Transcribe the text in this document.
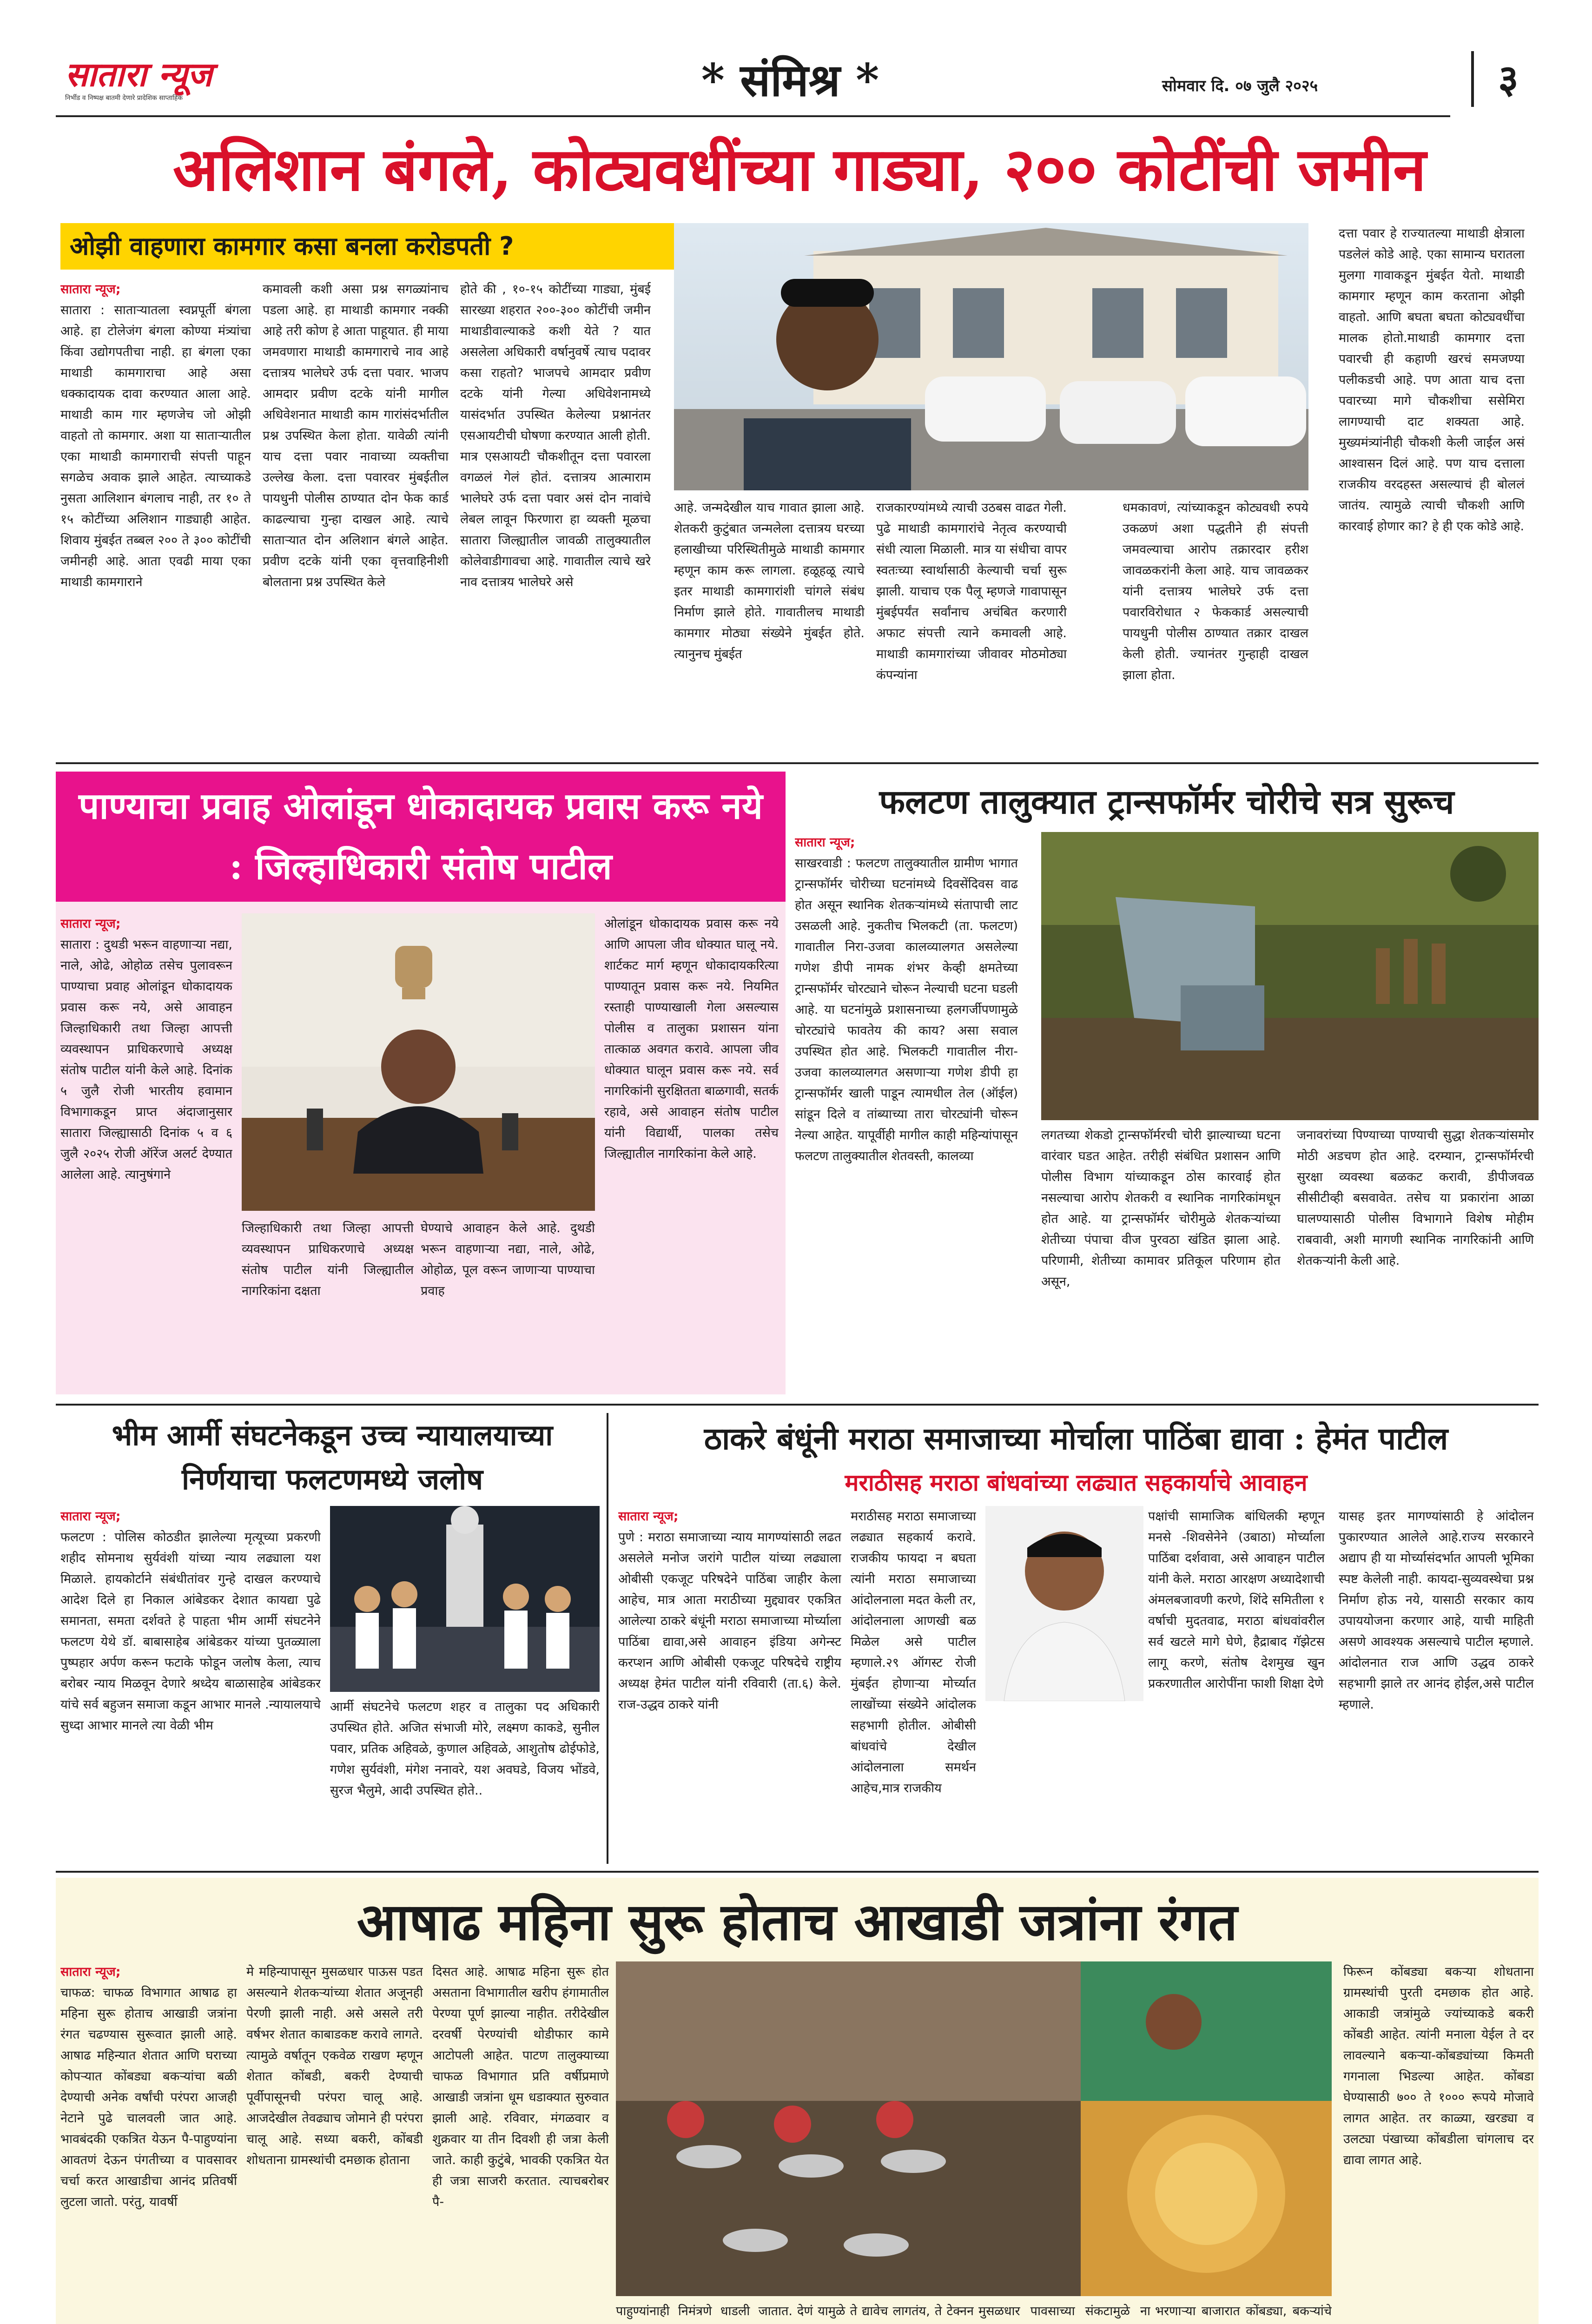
सातारा न्यूज
निर्भीड व निष्पक्ष बातमी देणारे प्रादेशिक साप्ताहिक	* संमिश्र *	सोमवार दि. ०७ जुलै २०२५	३
अलिशान बंगले, कोट्यवधींच्या गाड्या, २०० कोटींची जमीन
ओझी वाहणारा कामगार कसा बनला करोडपती ?
सातारा न्यूज;
सातारा : साताऱ्यातला स्वप्नपूर्ती बंगला आहे. हा टोलेजंग बंगला कोण्या मंत्र्यांचा किंवा उद्योगपतीचा नाही. हा बंगला एका माथाडी कामगाराचा आहे असा धक्कादायक दावा करण्यात आला आहे. माथाडी काम गार म्हणजेच जो ओझी वाहतो तो कामगार. अशा या साताऱ्यातील एका माथाडी कामगाराची संपत्ती पाहून सगळेच अवाक झाले आहेत. त्याच्याकडे नुसता आलिशान बंगलाच नाही, तर १० ते १५ कोटींच्या अलिशान गाड्याही आहेत. शिवाय मुंबईत तब्बल २०० ते ३०० कोटींची जमीनही आहे. आता एवढी माया एका माथाडी कामगाराने
कमावली कशी असा प्रश्न सगळ्यांनाच पडला आहे. हा माथाडी कामगार नक्की आहे तरी कोण हे आता पाहूयात. ही माया जमवणारा माथाडी कामगाराचे नाव आहे दत्तात्रय भालेघरे उर्फ दत्ता पवार. भाजप आमदार प्रवीण दटके यांनी मागील अधिवेशनात माथाडी काम गारांसंदर्भातील प्रश्न उपस्थित केला होता. यावेळी त्यांनी याच दत्ता पवार नावाच्या व्यक्तीचा उल्लेख केला. दत्ता पवारवर मुंबईतील पायधुनी पोलीस ठाण्यात दोन फेक कार्ड काढल्याचा गुन्हा दाखल आहे. त्याचे साताऱ्यात दोन अलिशान बंगले आहेत. प्रवीण दटके यांनी एका वृत्तवाहिनीशी बोलताना प्रश्न उपस्थित केले
होते की , १०-१५ कोटींच्या गाड्या, मुंबई सारख्या शहरात २००-३०० कोटींची जमीन माथाडीवाल्याकडे कशी येते ? यात असलेला अधिकारी वर्षानुवर्षे त्याच पदावर कसा राहतो? भाजपचे आमदार प्रवीण दटके यांनी गेल्या अधिवेशनामध्ये यासंदर्भात उपस्थित केलेल्या प्रश्नानंतर एसआयटीची घोषणा करण्यात आली होती. मात्र एसआयटी चौकशीतून दत्ता पवारला वगळलं गेलं होतं. दत्तात्रय आत्माराम भालेघरे उर्फ दत्ता पवार असं दोन नावांचे लेबल लावून फिरणारा हा व्यक्ती मूळचा सातारा जिल्ह्यातील जावळी तालुक्यातील कोलेवाडीगावचा आहे. गावातील त्याचे खरे नाव दत्तात्रय भालेघरे असे
आहे. जन्मदेखील याच गावात झाला आहे. शेतकरी कुटुंबात जन्मलेला दत्तात्रय घरच्या हलाखीच्या परिस्थितीमुळे माथाडी कामगार म्हणून काम करू लागला. हळूहळू त्याचे इतर माथाडी कामगारांशी चांगले संबंध निर्माण झाले होते. गावातीलच माथाडी कामगार मोठ्या संख्येने मुंबईत होते. त्यानुनच मुंबईत
राजकारण्यांमध्ये त्याची उठबस वाढत गेली. पुढे माथाडी कामगारांचे नेतृत्व करण्याची संधी त्याला मिळाली. मात्र या संधीचा वापर स्वतःच्या स्वार्थासाठी केल्याची चर्चा सुरू झाली. याचाच एक पैलू म्हणजे गावापासून मुंबईपर्यंत सर्वांनाच अचंबित करणारी अफाट संपत्ती त्याने कमावली आहे. माथाडी कामगारांच्या जीवावर मोठमोठ्या कंपन्यांना
धमकावणं, त्यांच्याकडून कोट्यवधी रुपये उकळणं अशा पद्धतीने ही संपत्ती जमवल्याचा आरोप तक्रारदार हरीश जावळकरांनी केला आहे. याच जावळकर यांनी दत्तात्रय भालेघरे उर्फ दत्ता पवारविरोधात २ फेककार्ड असल्याची पायधुनी पोलीस ठाण्यात तक्रार दाखल केली होती. ज्यानंतर गुन्हाही दाखल झाला होता.
दत्ता पवार हे राज्यातल्या माथाडी क्षेत्राला पडलेलं कोडे आहे. एका सामान्य घरातला मुलगा गावाकडून मुंबईत येतो. माथाडी कामगार म्हणून काम करताना ओझी वाहतो. आणि बघता बघता कोट्यवधींचा मालक होतो.माथाडी कामगार दत्ता पवारची ही कहाणी खरचं समजण्या पलीकडची आहे. पण आता याच दत्ता पवारच्या मागे चौकशीचा ससेमिरा लागण्याची दाट शक्यता आहे. मुख्यमंत्र्यांनीही चौकशी केली जाईल असं आश्वासन दिलं आहे. पण याच दत्ताला राजकीय वरदहस्त असल्याचं ही बोललं जातंय. त्यामुळे त्याची चौकशी आणि कारवाई होणार का? हे ही एक कोडे आहे.
पाण्याचा प्रवाह ओलांडून धोकादायक प्रवास करू नये : जिल्हाधिकारी संतोष पाटील
सातारा न्यूज;
सातारा : दुथडी भरून वाहणाऱ्या नद्या, नाले, ओढे, ओहोळ तसेच पुलावरून पाण्याचा प्रवाह ओलांडून धोकादायक प्रवास करू नये, असे आवाहन जिल्हाधिकारी तथा जिल्हा आपत्ती व्यवस्थापन प्राधिकरणाचे अध्यक्ष संतोष पाटील यांनी केले आहे. दिनांक ५ जुलै रोजी भारतीय हवामान विभागाकडून प्राप्त अंदाजानुसार सातारा जिल्ह्यासाठी दिनांक ५ व ६ जुलै २०२५ रोजी ऑरेंज अलर्ट देण्यात आलेला आहे. त्यानुषंगाने
जिल्हाधिकारी तथा जिल्हा आपत्ती व्यवस्थापन प्राधिकरणाचे अध्यक्ष संतोष पाटील यांनी जिल्ह्यातील नागरिकांना दक्षता
घेण्याचे आवाहन केले आहे. दुथडी भरून वाहणाऱ्या नद्या, नाले, ओढे, ओहोळ, पूल वरून जाणाऱ्या पाण्याचा प्रवाह
ओलांडून धोकादायक प्रवास करू नये आणि आपला जीव धोक्यात घालू नये. शार्टकट मार्ग म्हणून धोकादायकरित्या पाण्यातून प्रवास करू नये. नियमित रस्ताही पाण्याखाली गेला असल्यास पोलीस व तालुका प्रशासन यांना तात्काळ अवगत करावे. आपला जीव धोक्यात घालून प्रवास करू नये. सर्व नागरिकांनी सुरक्षितता बाळगावी, सतर्क रहावे, असे आवाहन संतोष पाटील यांनी विद्यार्थी, पालका तसेच जिल्ह्यातील नागरिकांना केले आहे.
फलटण तालुक्यात ट्रान्सफॉर्मर चोरीचे सत्र सुरूच
सातारा न्यूज;
साखरवाडी : फलटण तालुक्यातील ग्रामीण भागात ट्रान्सफॉर्मर चोरीच्या घटनांमध्ये दिवसेंदिवस वाढ होत असून स्थानिक शेतकऱ्यांमध्ये संतापाची लाट उसळली आहे. नुकतीच भिलकटी (ता. फलटण) गावातील निरा-उजवा कालव्यालगत असलेल्या गणेश डीपी नामक शंभर केव्ही क्षमतेच्या ट्रान्सफॉर्मर चोरट्याने चोरून नेल्याची घटना घडली आहे. या घटनांमुळे प्रशासनाच्या हलगर्जीपणामुळे चोरट्यांचे फावतेय की काय? असा सवाल उपस्थित होत आहे. भिलकटी गावातील नीरा-उजवा कालव्यालगत असणाऱ्या गणेश डीपी हा ट्रान्सफॉर्मर खाली पाडून त्यामधील तेल (ऑईल) सांडून दिले व तांब्याच्या तारा चोरट्यांनी चोरून नेल्या आहेत. यापूर्वीही मागील काही महिन्यांपासून फलटण तालुक्यातील शेतवस्ती, कालव्या
लगतच्या शेकडो ट्रान्सफॉर्मरची चोरी झाल्याच्या घटना वारंवार घडत आहेत. तरीही संबंधित प्रशासन आणि पोलीस विभाग यांच्याकडून ठोस कारवाई होत नसल्याचा आरोप शेतकरी व स्थानिक नागरिकांमधून होत आहे. या ट्रान्सफॉर्मर चोरीमुळे शेतकऱ्यांच्या शेतीच्या पंपाचा वीज पुरवठा खंडित झाला आहे. परिणामी, शेतीच्या कामावर प्रतिकूल परिणाम होत असून,
जनावरांच्या पिण्याच्या पाण्याची सुद्धा शेतकऱ्यांसमोर मोठी अडचण होत आहे. दरम्यान, ट्रान्सफॉर्मरची सुरक्षा व्यवस्था बळकट करावी, डीपीजवळ सीसीटीव्ही बसवावेत. तसेच या प्रकारांना आळा घालण्यासाठी पोलीस विभागाने विशेष मोहीम राबवावी, अशी मागणी स्थानिक नागरिकांनी आणि शेतकऱ्यांनी केली आहे.
भीम आर्मी संघटनेकडून उच्च न्यायालयाच्या निर्णयाचा फलटणमध्ये जलोष
सातारा न्यूज;
फलटण : पोलिस कोठडीत झालेल्या मृत्यूच्या प्रकरणी शहीद सोमनाथ सुर्यवंशी यांच्या न्याय लढ्याला यश मिळाले. हायकोर्टाने संबंधीतांवर गुन्हे दाखल करण्याचे आदेश दिले हा निकाल आंबेडकर देशात कायद्या पुढे समानता, समता दर्शवते हे पाहता भीम आर्मी संघटनेने फलटण येथे डॉ. बाबासाहेब आंबेडकर यांच्या पुतळ्याला पुष्पहार अर्पण करून फटाके फोडून जलोष केला, त्याच बरोबर न्याय मिळवून देणारे श्रध्देय बाळासाहेब आंबेडकर यांचे सर्व बहुजन समाजा कडून आभार मानले .न्यायालयाचे सुध्दा आभार मानले त्या वेळी भीम
आर्मी संघटनेचे फलटण शहर व तालुका पद अधिकारी उपस्थित होते. अजित संभाजी मोरे, लक्ष्मण काकडे, सुनील पवार, प्रतिक अहिवळे, कुणाल अहिवळे, आशुतोष ढोईफोडे, गणेश सुर्यवंशी, मंगेश ननावरे, यश अवघडे, विजय भोंडवे, सुरज भैलुमे, आदी उपस्थित होते..
ठाकरे बंधूंनी मराठा समाजाच्या मोर्चाला पाठिंबा द्यावा : हेमंत पाटील
मराठीसह मराठा बांधवांच्या लढ्यात सहकार्याचे आवाहन
सातारा न्यूज;
पुणे : मराठा समाजाच्या न्याय मागण्यांसाठी लढत असलेले मनोज जरांगे पाटील यांच्या लढ्याला ओबीसी एकजूट परिषदेने पाठिंबा जाहीर केला आहेच, मात्र आता मराठीच्या मुद्द्यावर एकत्रित आलेल्या ठाकरे बंधूंनी मराठा समाजाच्या मोर्च्याला पाठिंबा द्यावा,असे आवाहन इंडिया अगेन्स्ट करप्शन आणि ओबीसी एकजूट परिषदेचे राष्ट्रीय अध्यक्ष हेमंत पाटील यांनी रविवारी (ता.६) केले. राज-उद्धव ठाकरे यांनी
मराठीसह मराठा समाजाच्या लढ्यात सहकार्य करावे. राजकीय फायदा न बघता त्यांनी मराठा समाजाच्या आंदोलनाला मदत केली तर, आंदोलनाला आणखी बळ मिळेल असे पाटील म्हणाले.२९ ऑगस्ट रोजी मुंबईत होणाऱ्या मोर्च्यात लाखोंच्या संख्येने आंदोलक सहभागी होतील. ओबीसी बांधवांचे देखील आंदोलनाला समर्थन आहेच,मात्र राजकीय
पक्षांची सामाजिक बांधिलकी म्हणून मनसे -शिवसेनेने (उबाठा) मोर्च्याला पाठिंबा दर्शवावा, असे आवाहन पाटील यांनी केले. मराठा आरक्षण अध्यादेशाची अंमलबजावणी करणे, शिंदे समितीला १ वर्षाची मुदतवाढ, मराठा बांधवांवरील सर्व खटले मागे घेणे, हैद्राबाद गॅझेटस लागू करणे, संतोष देशमुख खुन प्रकरणातील आरोपींना फाशी शिक्षा देणे
यासह इतर मागण्यांसाठी हे आंदोलन पुकारण्यात आलेले आहे.राज्य सरकारने अद्याप ही या मोर्च्यासंदर्भात आपली भूमिका स्पष्ट केलेली नाही. कायदा-सुव्यवस्थेचा प्रश्न निर्माण होऊ नये, यासाठी सरकार काय उपाययोजना करणार आहे, याची माहिती असणे आवश्यक असल्याचे पाटील म्हणाले. आंदोलनात राज आणि उद्धव ठाकरे सहभागी झाले तर आनंद होईल,असे पाटील म्हणाले.
आषाढ महिना सुरू होताच आखाडी जत्रांना रंगत
सातारा न्यूज;
चाफळ: चाफळ विभागात आषाढ हा महिना सुरू होताच आखाडी जत्रांना रंगत चढण्यास सुरूवात झाली आहे. आषाढ महिन्यात शेतात आणि घराच्या कोपऱ्यात कोंबड्या बकऱ्यांचा बळी देण्याची अनेक वर्षांची परंपरा आजही नेटाने पुढे चालवली जात आहे. भावबंदकी एकत्रित येऊन पै-पाहुण्यांना आवतणं देऊन पंगतीच्या व पावसावर चर्चा करत आखाडीचा आनंद प्रतिवर्षी लुटला जातो. परंतु, यावर्षी
मे महिन्यापासून मुसळधार पाऊस पडत असल्याने शेतकऱ्यांच्या शेतात अजूनही पेरणी झाली नाही. असे असले तरी वर्षभर शेतात काबाडकष्ट करावे लागते. त्यामुळे वर्षातून एकवेळ राखण म्हणून शेतात कोंबडी, बकरी देण्याची पूर्वीपासूनची परंपरा चालू आहे. आजदेखील तेवढ्याच जोमाने ही परंपरा चालू आहे. सध्या बकरी, कोंबडी शोधताना ग्रामस्थांची दमछाक होताना
दिसत आहे. आषाढ महिना सुरू होत असताना विभागातील खरीप हंगामातील पेरण्या पूर्ण झाल्या नाहीत. तरीदेखील दरवर्षी पेरण्यांची थोडीफार कामे आटोपली आहेत. पाटण तालुक्याच्या चाफळ विभागात प्रति वर्षीप्रमाणे आखाडी जत्रांना धूम धडाक्यात सुरुवात झाली आहे. रविवार, मंगळवार व शुक्रवार या तीन दिवशी ही जत्रा केली जाते. काही कुटुंबे, भावकी एकत्रित येत ही जत्रा साजरी करतात. त्याचबरोबर पै-
पाहुण्यांनाही निमंत्रणे धाडली जातात. देणं यामुळे ते द्यावेच लागतंय, ते टेक्नन मुसळधार पावसाच्या संकटामुळे ना भरणाऱ्या बाजारात कोंबड्या, बकऱ्यांचे
फिरून कोंबड्या बकऱ्या शोधताना ग्रामस्थांची पुरती दमछाक होत आहे. आकाडी जत्रांमुळे ज्यांच्याकडे बकरी कोंबडी आहेत. त्यांनी मनाला येईल ते दर लावल्याने बकऱ्या-कोंबड्यांच्या किमती गगनाला भिडल्या आहेत. कोंबडा घेण्यासाठी ७०० ते १००० रूपये मोजावे लागत आहेत. तर काळ्या, खरड्या व उलट्या पंखाच्या कोंबडीला चांगलाच दर द्यावा लागत आहे.
